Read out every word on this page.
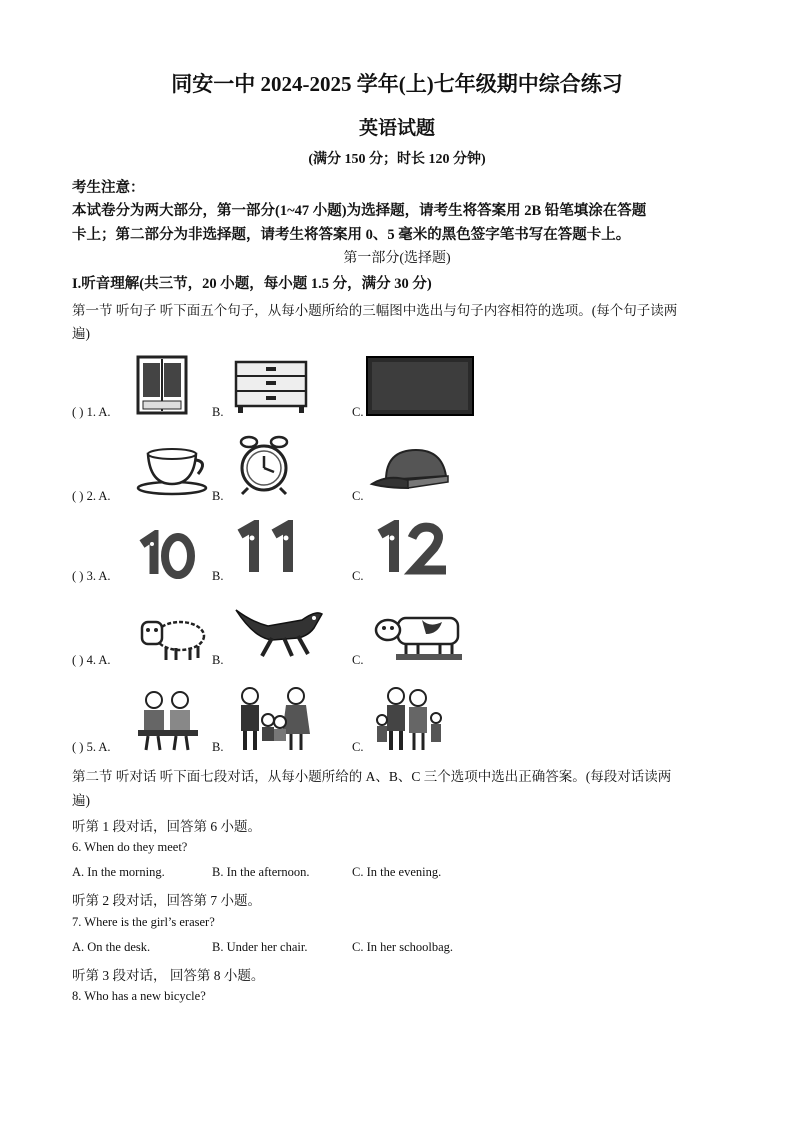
同安一中 2024-2025 学年(上)七年级期中综合练习
英语试题
(满分 150 分；时长 120 分钟)
考生注意：
本试卷分为两大部分，第一部分(1~47 小题)为选择题，请考生将答案用 2B 铅笔填涂在答题
卡上；第二部分为非选择题，请考生将答案用 0、5 毫米的黑色签字笔书写在答题卡上。
第一部分(选择题)
I.听音理解(共三节，20 小题，每小题 1.5 分，满分 30 分)
第一节 听句子 听下面五个句子，从每小题所给的三幅图中选出与句子内容相符的选项。(每个句子读两
遍)
( ) 1. A.	B.	C.
( ) 2. A.	B.	C.
( ) 3. A.	B.	C.
( ) 4. A.	B.	C.
( ) 5. A.	B.	C.
第二节 听对话 听下面七段对话，从每小题所给的 A、B、C 三个选项中选出正确答案。(每段对话读两
遍)
听第 1 段对话，回答第 6 小题。
6. When do they meet?
A. In the morning.	B. In the afternoon.	C. In the evening.
听第 2 段对话，回答第 7 小题。
7. Where is the girl’s eraser?
A. On the desk.	B. Under her chair.	C. In her schoolbag.
听第 3 段对话， 回答第 8 小题。
8. Who has a new bicycle?
